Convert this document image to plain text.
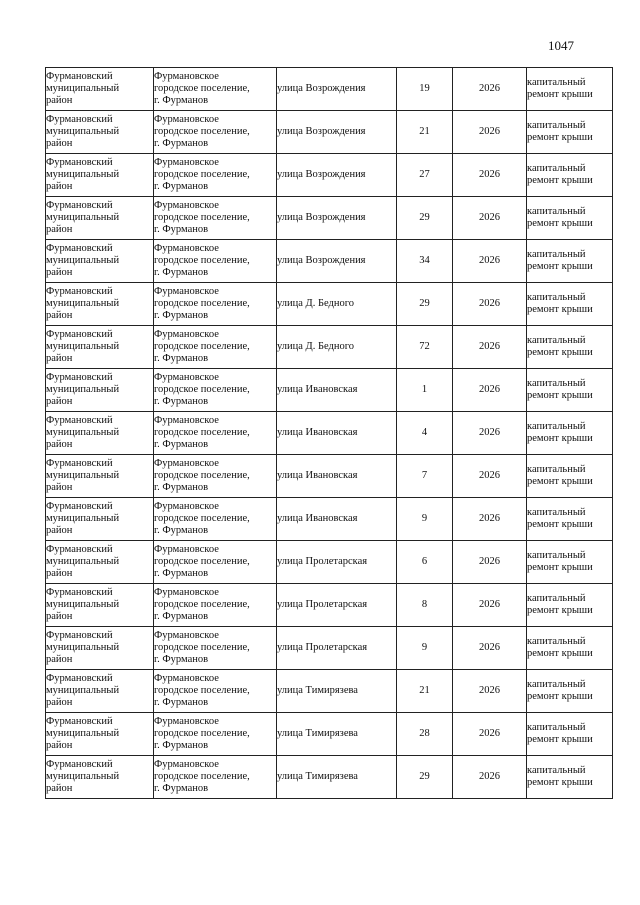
1047
Фурмановский
муниципальный
район	Фурмановское
городское поселение,
г. Фурманов	улица Возрождения	19	2026	капитальный
ремонт крыши

Фурмановский
муниципальный
район	Фурмановское
городское поселение,
г. Фурманов	улица Возрождения	21	2026	капитальный
ремонт крыши

Фурмановский
муниципальный
район	Фурмановское
городское поселение,
г. Фурманов	улица Возрождения	27	2026	капитальный
ремонт крыши

Фурмановский
муниципальный
район	Фурмановское
городское поселение,
г. Фурманов	улица Возрождения	29	2026	капитальный
ремонт крыши

Фурмановский
муниципальный
район	Фурмановское
городское поселение,
г. Фурманов	улица Возрождения	34	2026	капитальный
ремонт крыши

Фурмановский
муниципальный
район	Фурмановское
городское поселение,
г. Фурманов	улица Д. Бедного	29	2026	капитальный
ремонт крыши

Фурмановский
муниципальный
район	Фурмановское
городское поселение,
г. Фурманов	улица Д. Бедного	72	2026	капитальный
ремонт крыши

Фурмановский
муниципальный
район	Фурмановское
городское поселение,
г. Фурманов	улица Ивановская	1	2026	капитальный
ремонт крыши

Фурмановский
муниципальный
район	Фурмановское
городское поселение,
г. Фурманов	улица Ивановская	4	2026	капитальный
ремонт крыши

Фурмановский
муниципальный
район	Фурмановское
городское поселение,
г. Фурманов	улица Ивановская	7	2026	капитальный
ремонт крыши

Фурмановский
муниципальный
район	Фурмановское
городское поселение,
г. Фурманов	улица Ивановская	9	2026	капитальный
ремонт крыши

Фурмановский
муниципальный
район	Фурмановское
городское поселение,
г. Фурманов	улица Пролетарская	6	2026	капитальный
ремонт крыши

Фурмановский
муниципальный
район	Фурмановское
городское поселение,
г. Фурманов	улица Пролетарская	8	2026	капитальный
ремонт крыши

Фурмановский
муниципальный
район	Фурмановское
городское поселение,
г. Фурманов	улица Пролетарская	9	2026	капитальный
ремонт крыши

Фурмановский
муниципальный
район	Фурмановское
городское поселение,
г. Фурманов	улица Тимирязева	21	2026	капитальный
ремонт крыши

Фурмановский
муниципальный
район	Фурмановское
городское поселение,
г. Фурманов	улица Тимирязева	28	2026	капитальный
ремонт крыши

Фурмановский
муниципальный
район	Фурмановское
городское поселение,
г. Фурманов	улица Тимирязева	29	2026	капитальный
ремонт крыши
